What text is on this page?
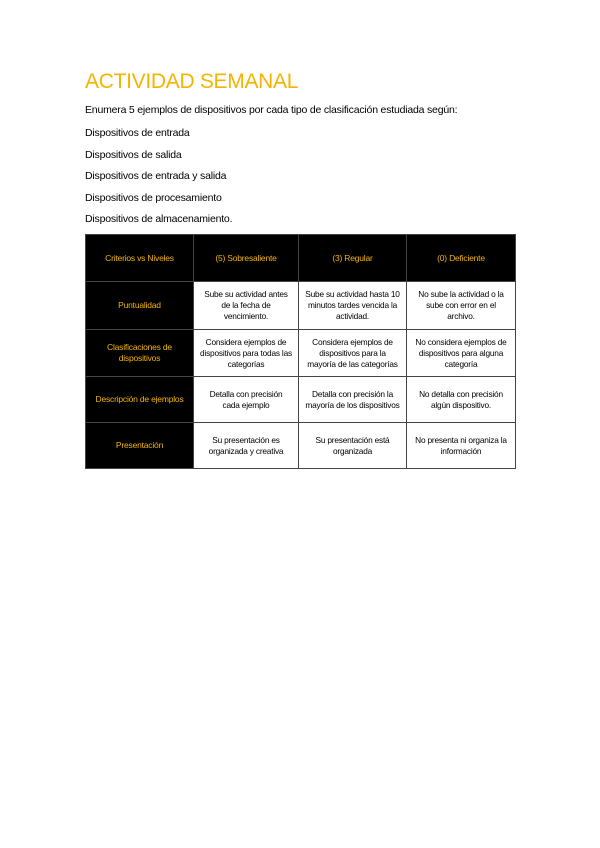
ACTIVIDAD SEMANAL
Enumera 5 ejemplos de dispositivos por cada tipo de clasificación estudiada según:
Dispositivos de entrada
Dispositivos de salida
Dispositivos de entrada y salida
Dispositivos de procesamiento
Dispositivos de almacenamiento.
Criterios vs Niveles	(5) Sobresaliente	(3) Regular	(0) Deficiente
Puntualidad	Sube su actividad antes de la fecha de vencimiento.	Sube su actividad hasta 10 minutos tardes vencida la actividad.	No sube la actividad o la sube con error en el archivo.
Clasificaciones de dispositivos	Considera ejemplos de dispositivos para todas las categorías	Considera ejemplos de dispositivos para la mayoría de las categorías	No considera ejemplos de dispositivos para alguna categoría
Descripción de ejemplos	Detalla con precisión cada ejemplo	Detalla con precisión la mayoría de los dispositivos	No detalla con precisión algún dispositivo.
Presentación	Su presentación es organizada y creativa	Su presentación está organizada	No presenta ni organiza la información
